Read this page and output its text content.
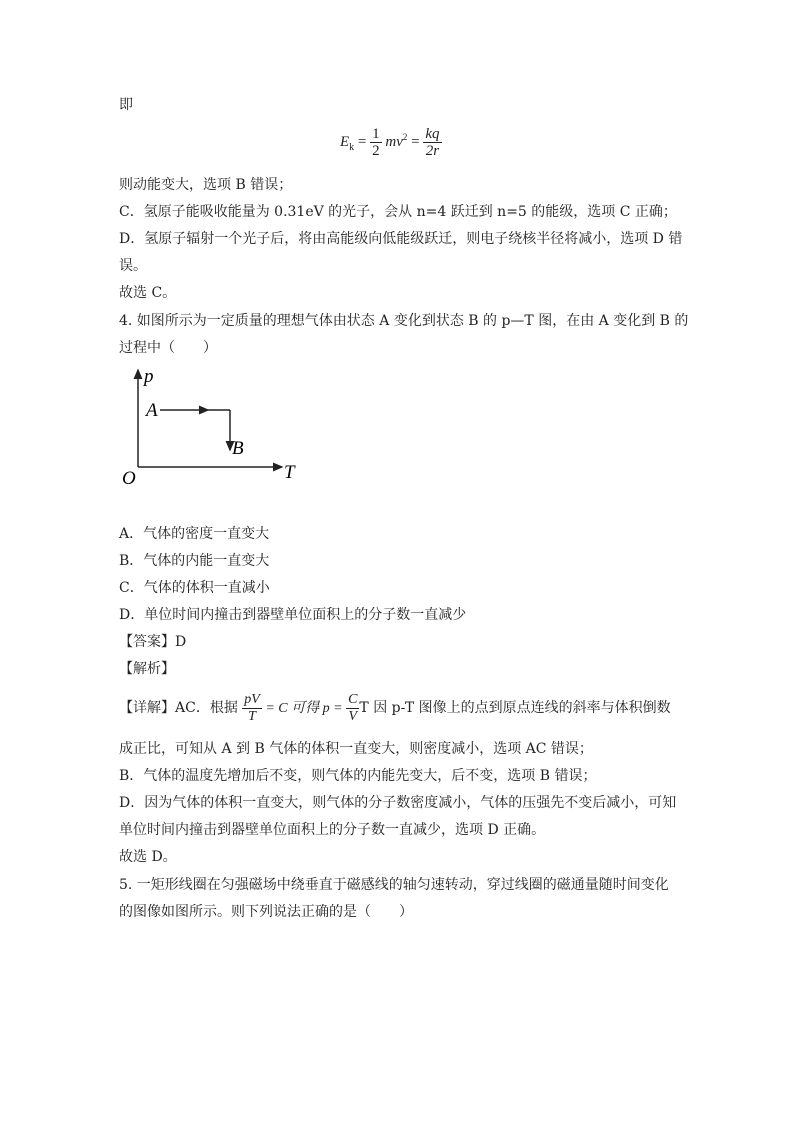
即
$E_k = \frac{1}{2} mv^2 = \frac{kq}{2r}$
则动能变大，选项 B 错误；
C．氢原子能吸收能量为 0.31eV 的光子，会从 n=4 跃迁到 n=5 的能级，选项 C 正确；
D．氢原子辐射一个光子后，将由高能级向低能级跃迁，则电子绕核半径将减小，选项 D 错
误。
故选 C。
4. 如图所示为一定质量的理想气体由状态 A 变化到状态 B 的 p—T 图，在由 A 变化到 B 的
过程中（　　）
p
T
O
A
B
A．气体的密度一直变大
B．气体的内能一直变大
C．气体的体积一直减小
D．单位时间内撞击到器壁单位面积上的分子数一直减少
【答案】D
【解析】
【详解】AC．根据 $\frac{pV}{T} = C$ 可得 $p = \frac{C}{V}$ T 因 p-T 图像上的点到原点连线的斜率与体积倒数
成正比，可知从 A 到 B 气体的体积一直变大，则密度减小，选项 AC 错误；
B．气体的温度先增加后不变，则气体的内能先变大，后不变，选项 B 错误；
D．因为气体的体积一直变大，则气体的分子数密度减小，气体的压强先不变后减小，可知
单位时间内撞击到器壁单位面积上的分子数一直减少，选项 D 正确。
故选 D。
5. 一矩形线圈在匀强磁场中绕垂直于磁感线的轴匀速转动，穿过线圈的磁通量随时间变化
的图像如图所示。则下列说法正确的是（　　）
